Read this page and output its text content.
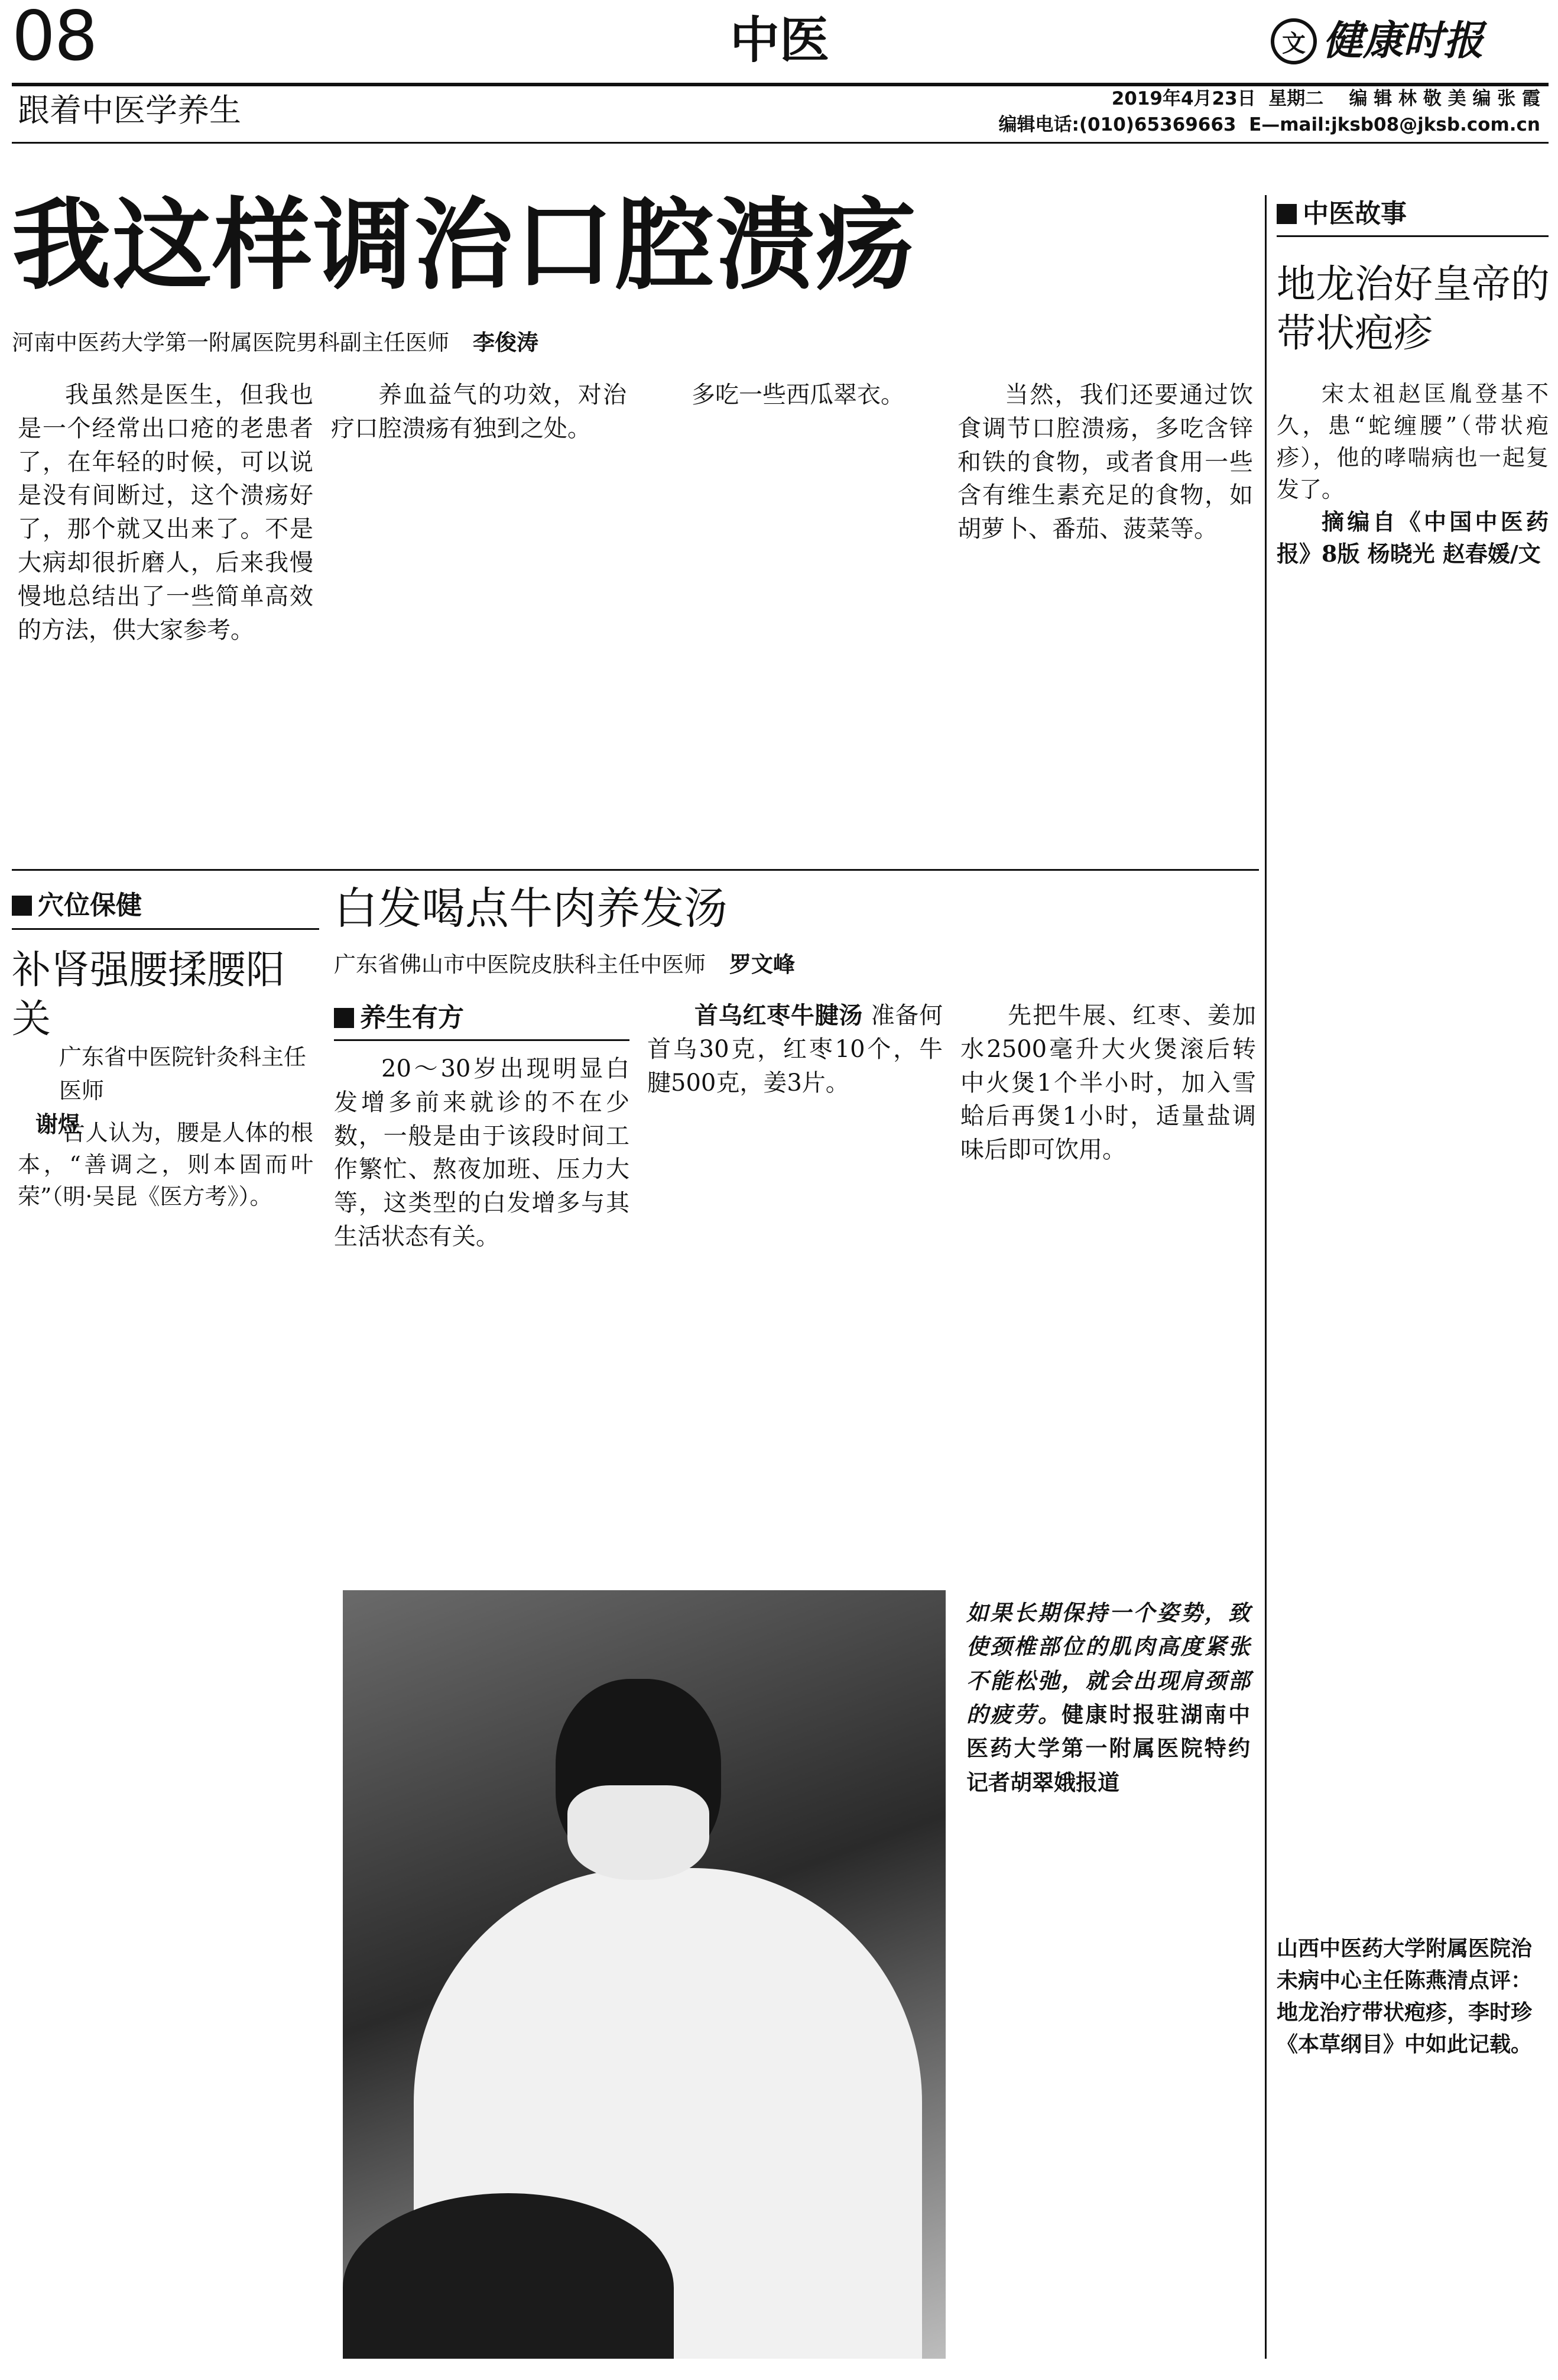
08	中医	文 健康时报
跟着中医学养生	2019年4月23日  星期二    编 辑 林 敬 美 编 张 霞
编辑电话:(010)65369663  E—mail:jksb08@jksb.com.cn
我这样调治口腔溃疡
河南中医药大学第一附属医院男科副主任医师 李俊涛

我虽然是医生，但我也是一个经常出口疮的老患者了，在年轻的时候，可以说是没有间断过，这个溃疡好了，那个就又出来了。不是大病却很折磨人，后来我慢慢地总结出了一些简单高效的方法，供大家参考。

养血益气的功效，对治疗口腔溃疡有独到之处。

多吃一些西瓜翠衣。	当然，我们还要通过饮食调节口腔溃疡，多吃含锌和铁的食物，或者食用一些含有维生素充足的食物，如胡萝卜、番茄、菠菜等。

中医故事
地龙治好皇帝的带状疱疹

宋太祖赵匡胤登基不久，患“蛇缠腰”（带状疱疹），他的哮喘病也一起复发了。

摘编自《中国中医药报》8版 杨晓光 赵春媛/文

山西中医药大学附属医院治未病中心主任陈燕清点评：地龙治疗带状疱疹，李时珍《本草纲目》中如此记载。
穴位保健
补肾强腰揉腰阳关
广东省中医院针灸科主任医师
谢煜

古人认为，腰是人体的根本，“善调之，则本固而叶荣”（明·吴昆《医方考》）。

白发喝点牛肉养发汤
广东省佛山市中医院皮肤科主任中医师 罗文峰
养生有方

20～30岁出现明显白发增多前来就诊的不在少数，一般是由于该段时间工作繁忙、熬夜加班、压力大等，这类型的白发增多与其生活状态有关。

首乌红枣牛腱汤 准备何首乌30克，红枣10个，牛腱500克，姜3片。

先把牛展、红枣、姜加水2500毫升大火煲滚后转中火煲1个半小时，加入雪蛤后再煲1小时，适量盐调味后即可饮用。

如果长期保持一个姿势，致使颈椎部位的肌肉高度紧张不能松弛，就会出现肩颈部的疲劳。健康时报驻湖南中医药大学第一附属医院特约记者胡翠娥报道
